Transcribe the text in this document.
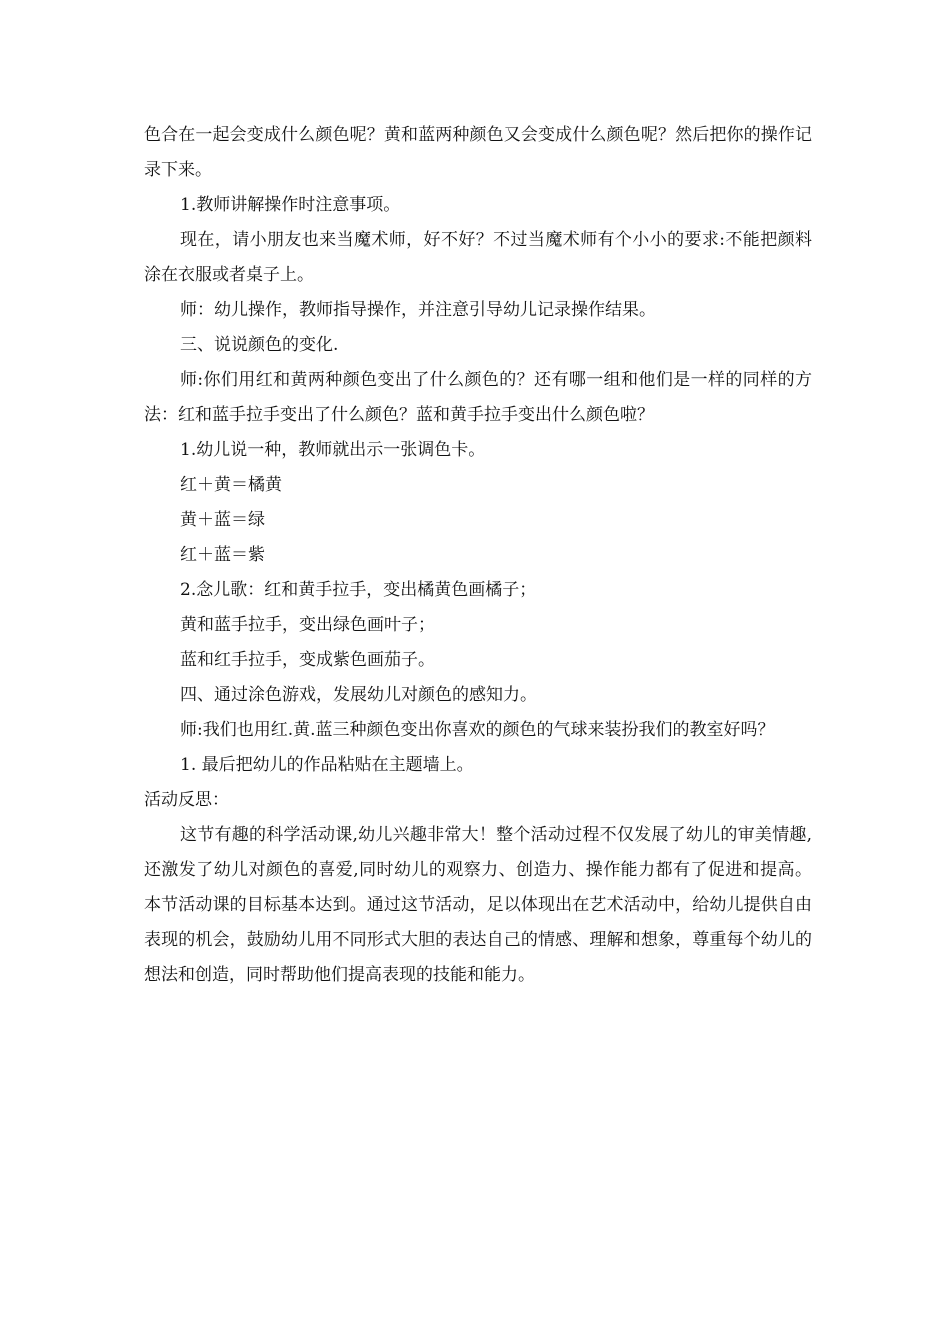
色合在一起会变成什么颜色呢？黄和蓝两种颜色又会变成什么颜色呢？然后把你的操作记录下来。

1.教师讲解操作时注意事项。

现在，请小朋友也来当魔术师，好不好？不过当魔术师有个小小的要求:不能把颜料涂在衣服或者桌子上。

师：幼儿操作，教师指导操作，并注意引导幼儿记录操作结果。

三、说说颜色的变化.

师:你们用红和黄两种颜色变出了什么颜色的？还有哪一组和他们是一样的同样的方法：红和蓝手拉手变出了什么颜色？蓝和黄手拉手变出什么颜色啦？

1.幼儿说一种，教师就出示一张调色卡。

红＋黄＝橘黄

黄＋蓝＝绿

红＋蓝＝紫

2.念儿歌：红和黄手拉手，变出橘黄色画橘子；

黄和蓝手拉手，变出绿色画叶子；

蓝和红手拉手，变成紫色画茄子。

四、通过涂色游戏，发展幼儿对颜色的感知力。

师:我们也用红.黄.蓝三种颜色变出你喜欢的颜色的气球来装扮我们的教室好吗？

1. 最后把幼儿的作品粘贴在主题墙上。

活动反思：

这节有趣的科学活动课,幼儿兴趣非常大！整个活动过程不仅发展了幼儿的审美情趣,还激发了幼儿对颜色的喜爱,同时幼儿的观察力、创造力、操作能力都有了促进和提高。本节活动课的目标基本达到。通过这节活动，足以体现出在艺术活动中，给幼儿提供自由表现的机会，鼓励幼儿用不同形式大胆的表达自己的情感、理解和想象，尊重每个幼儿的想法和创造，同时帮助他们提高表现的技能和能力。
